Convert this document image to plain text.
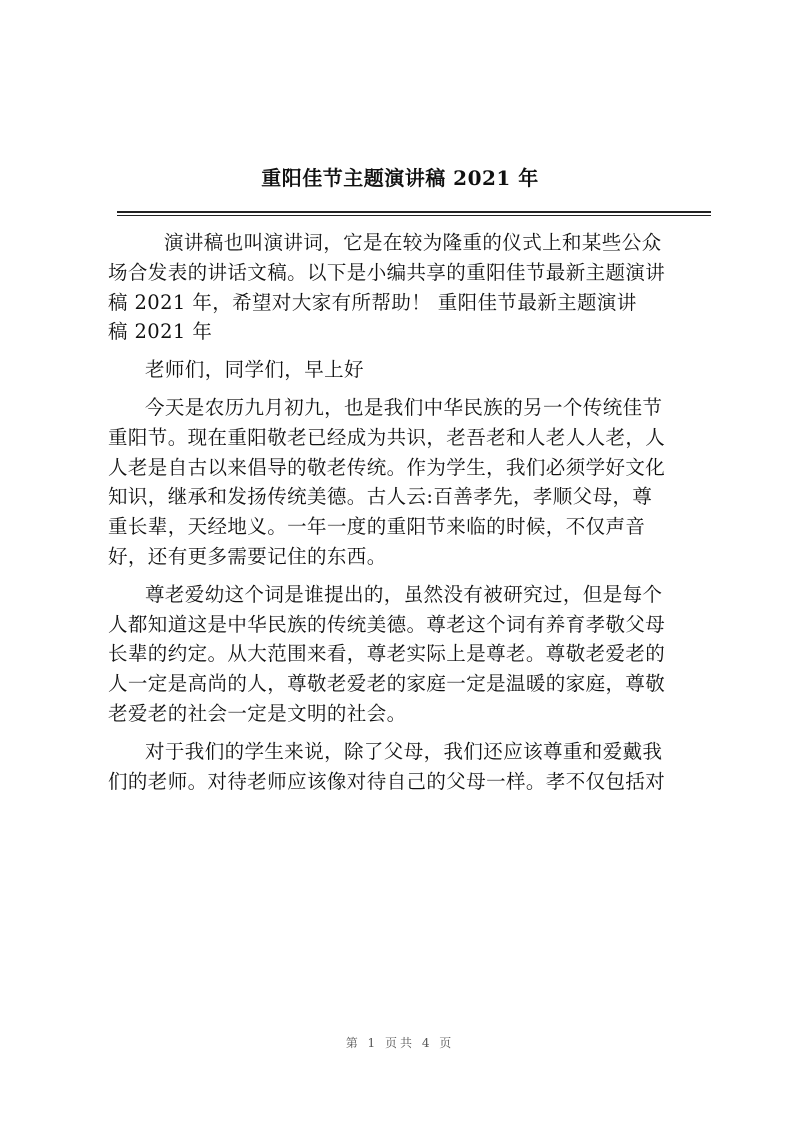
重阳佳节主题演讲稿 2021 年
演讲稿也叫演讲词，它是在较为隆重的仪式上和某些公众
场合发表的讲话文稿。以下是小编共享的重阳佳节最新主题演讲
稿 2021 年，希望对大家有所帮助！ 重阳佳节最新主题演讲
稿 2021 年
老师们，同学们，早上好
今天是农历九月初九，也是我们中华民族的另一个传统佳节
重阳节。现在重阳敬老已经成为共识，老吾老和人老人人老，人
人老是自古以来倡导的敬老传统。作为学生，我们必须学好文化
知识，继承和发扬传统美德。古人云:百善孝先，孝顺父母，尊
重长辈，天经地义。一年一度的重阳节来临的时候，不仅声音
好，还有更多需要记住的东西。
尊老爱幼这个词是谁提出的，虽然没有被研究过，但是每个
人都知道这是中华民族的传统美德。尊老这个词有养育孝敬父母
长辈的约定。从大范围来看，尊老实际上是尊老。尊敬老爱老的
人一定是高尚的人，尊敬老爱老的家庭一定是温暖的家庭，尊敬
老爱老的社会一定是文明的社会。
对于我们的学生来说，除了父母，我们还应该尊重和爱戴我
们的老师。对待老师应该像对待自己的父母一样。孝不仅包括对
第 1 页共 4 页
